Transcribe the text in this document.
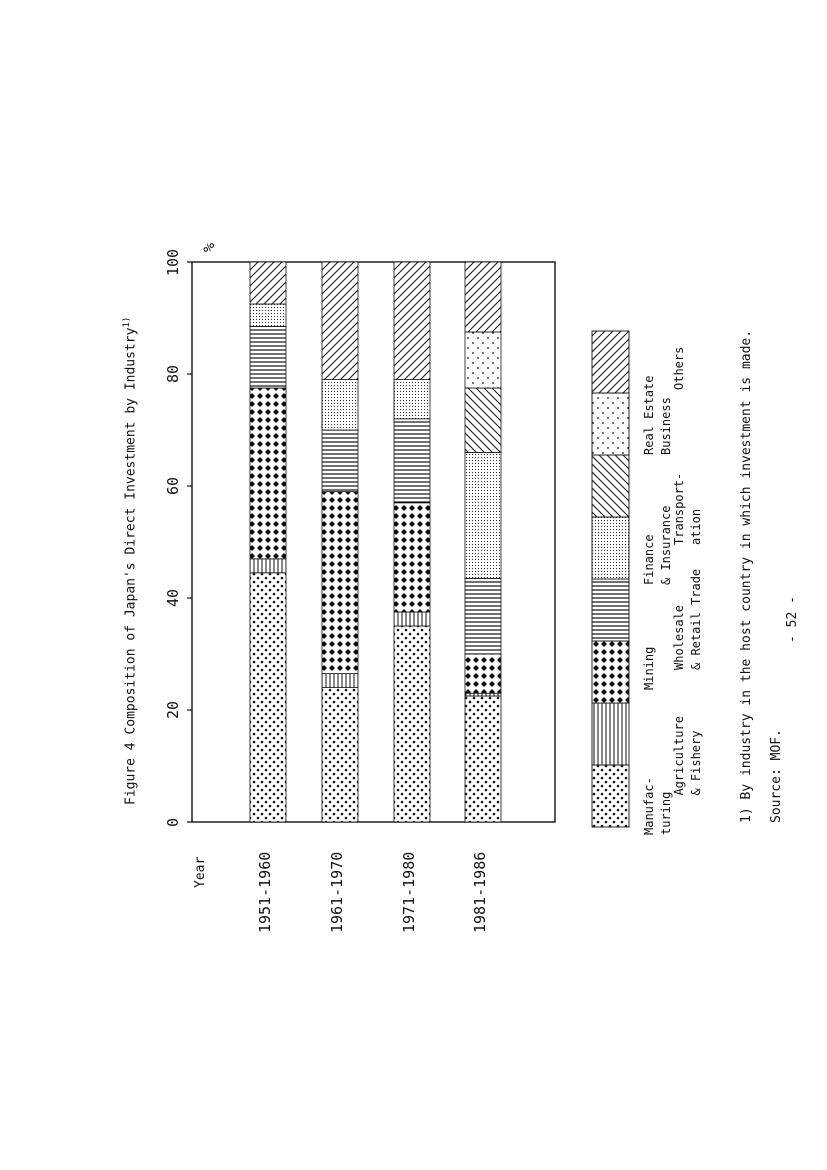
Figure 4 Composition of Japan's Direct Investment by Industry$^{1)}$
%
Year	1951-1960	1961-1970	1971-1980	1981-1986
Manufac-
turing
Agriculture
& Fishery
Mining Wholesale
& Retail Trade
Finance
& Insurance Transport-
ation
Real Estate
Business
Others	1) By industry in the host country in which investment is made. Source: MOF.
- 52 -
0
20
40
60
80
100
